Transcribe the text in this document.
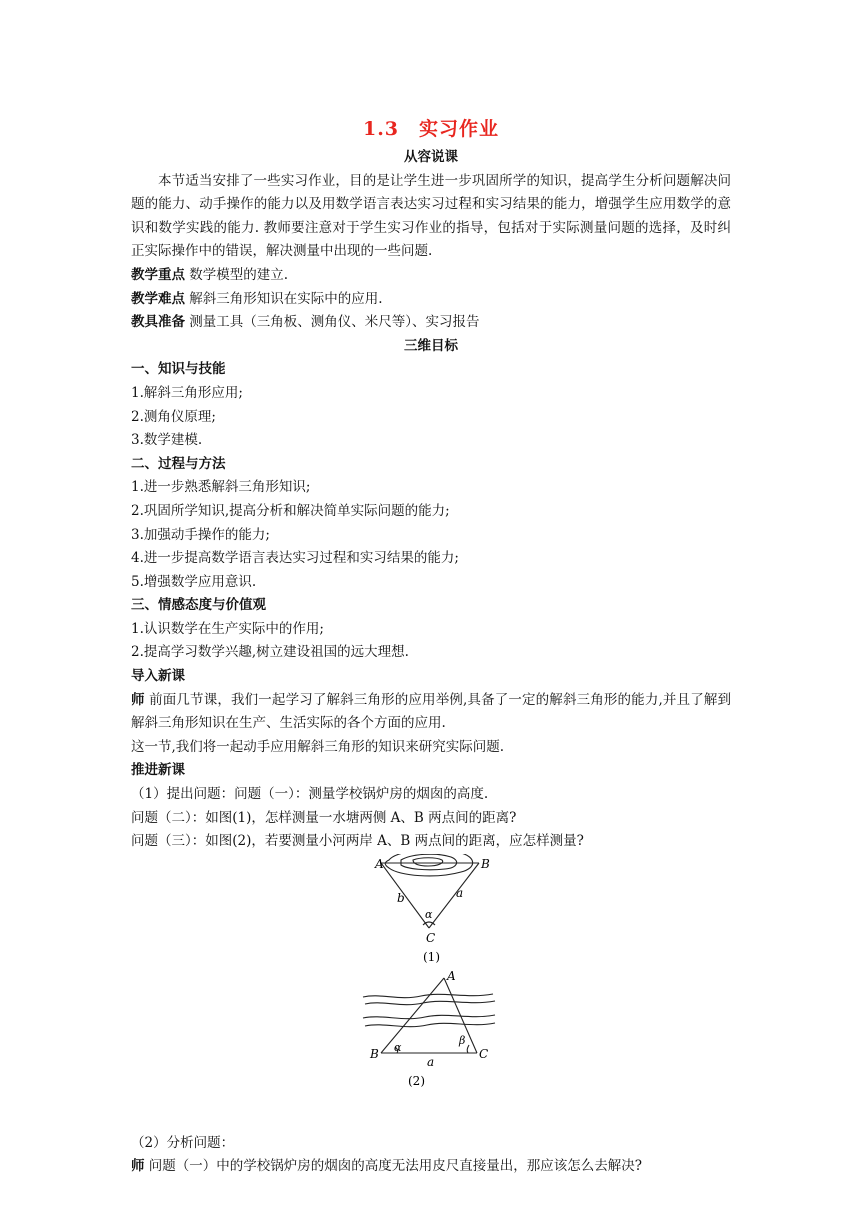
1.3　实习作业
从容说课
本节适当安排了一些实习作业，目的是让学生进一步巩固所学的知识，提高学生分析问题解决问题的能力、动手操作的能力以及用数学语言表达实习过程和实习结果的能力，增强学生应用数学的意识和数学实践的能力. 教师要注意对于学生实习作业的指导，包括对于实际测量问题的选择，及时纠正实际操作中的错误，解决测量中出现的一些问题.
教学重点 数学模型的建立.
教学难点 解斜三角形知识在实际中的应用.
教具准备 测量工具（三角板、测角仪、米尺等）、实习报告
三维目标
一、知识与技能
1.解斜三角形应用;
2.测角仪原理;
3.数学建模.
二、过程与方法
1.进一步熟悉解斜三角形知识;
2.巩固所学知识,提高分析和解决简单实际问题的能力;
3.加强动手操作的能力;
4.进一步提高数学语言表达实习过程和实习结果的能力;
5.增强数学应用意识.
三、情感态度与价值观
1.认识数学在生产实际中的作用;
2.提高学习数学兴趣,树立建设祖国的远大理想.
导入新课
师 前面几节课，我们一起学习了解斜三角形的应用举例,具备了一定的解斜三角形的能力,并且了解到解斜三角形知识在生产、生活实际的各个方面的应用.
这一节,我们将一起动手应用解斜三角形的知识来研究实际问题.
推进新课
（1）提出问题：问题（一）：测量学校锅炉房的烟囱的高度.
问题（二）：如图(1)，怎样测量一水塘两侧 A、B 两点间的距离?
问题（三）：如图(2)，若要测量小河两岸 A、B 两点间的距离，应怎样测量?
A	B
C
a
b
α
(1)
A
B	C
a
α
β
(2)
（2）分析问题：
师 问题（一）中的学校锅炉房的烟囱的高度无法用皮尺直接量出，那应该怎么去解决?
